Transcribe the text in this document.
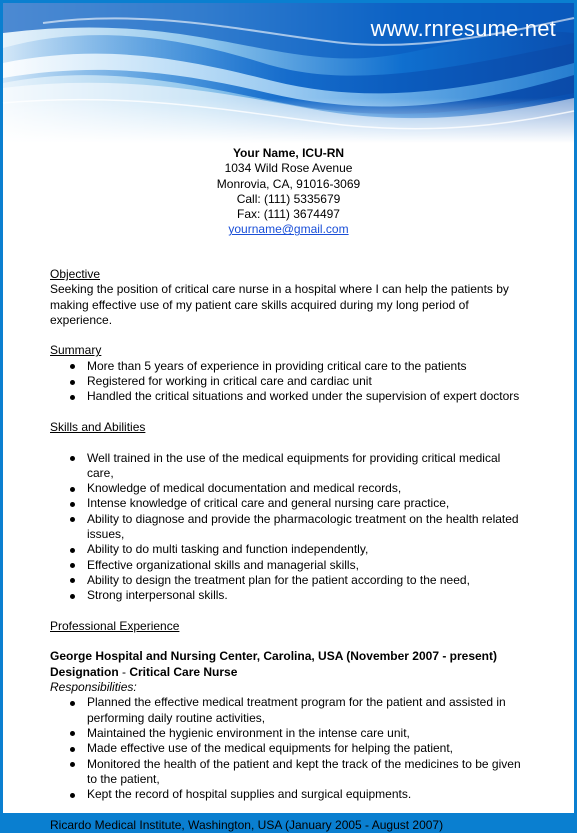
www.rnresume.net
Your Name, ICU-RN
1034 Wild Rose Avenue
Monrovia, CA, 91016-3069
Call: (111) 5335679
Fax: (111) 3674497
yourname@gmail.com

Objective

Seeking the position of critical care nurse in a hospital where I can help the patients by making effective use of my patient care skills acquired during my long period of experience.

Summary

More than 5 years of experience in providing critical care to the patients
Registered for working in critical care and cardiac unit
Handled the critical situations and worked under the supervision of expert doctors

Skills and Abilities

Well trained in the use of the medical equipments for providing critical medical care,
Knowledge of medical documentation and medical records,
Intense knowledge of critical care and general nursing care practice,
Ability to diagnose and provide the pharmacologic treatment on the health related issues,
Ability to do multi tasking and function independently,
Effective organizational skills and managerial skills,
Ability to design the treatment plan for the patient according to the need,
Strong interpersonal skills.

Professional Experience

George Hospital and Nursing Center, Carolina, USA (November 2007 - present)

Designation - Critical Care Nurse

Responsibilities:

Planned the effective medical treatment program for the patient and assisted in performing daily routine activities,
Maintained the hygienic environment in the intense care unit,
Made effective use of the medical equipments for helping the patient,
Monitored the health of the patient and kept the track of the medicines to be given to the patient,
Kept the record of hospital supplies and surgical equipments.

Ricardo Medical Institute, Washington, USA (January 2005 - August 2007)
